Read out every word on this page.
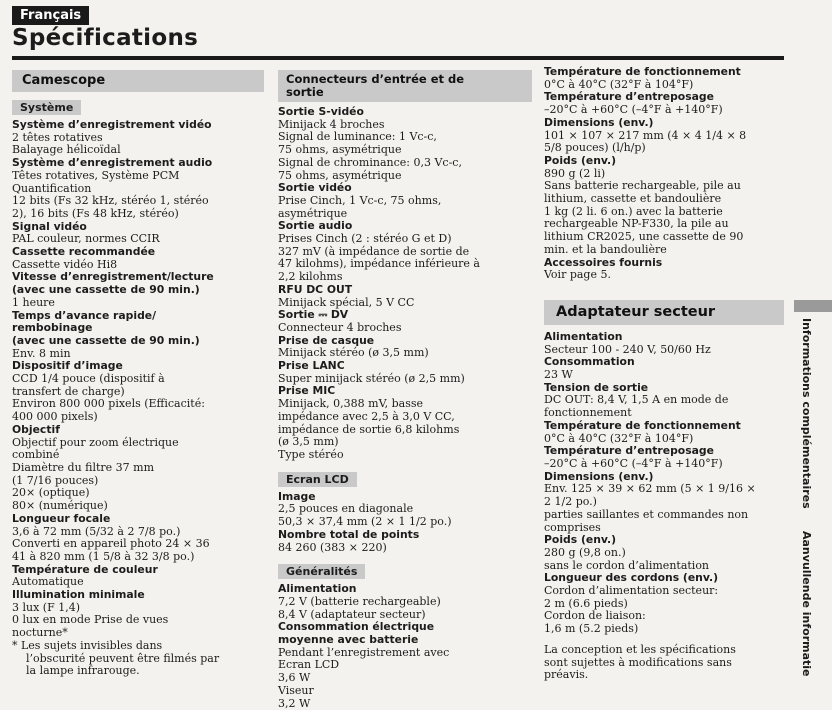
Français
Spécifications
Camescope
Système
Système d’enregistrement vidéo
2 têtes rotatives
Balayage hélicoïdal
Système d’enregistrement audio
Têtes rotatives, Système PCM
Quantification
12 bits (Fs 32 kHz, stéréo 1, stéréo
2), 16 bits (Fs 48 kHz, stéréo)
Signal vidéo
PAL couleur, normes CCIR
Cassette recommandée
Cassette vidéo Hi8
Vitesse d’enregistrement/lecture
(avec une cassette de 90 min.)
1 heure
Temps d’avance rapide/
rembobinage
(avec une cassette de 90 min.)
Env. 8 min
Dispositif d’image
CCD 1/4 pouce (dispositif à
transfert de charge)
Environ 800 000 pixels (Efficacité:
400 000 pixels)
Objectif
Objectif pour zoom électrique
combiné
Diamètre du filtre 37 mm
(1 7/16 pouces)
20× (optique)
80× (numérique)
Longueur focale
3,6 à 72 mm (5/32 à 2 7/8 po.)
Converti en appareil photo 24 × 36
41 à 820 mm (1 5/8 à 32 3/8 po.)
Température de couleur
Automatique
Illumination minimale
3 lux (F 1,4)
0 lux en mode Prise de vues
nocturne*
* Les sujets invisibles dans
l’obscurité peuvent être filmés par
la lampe infrarouge.
Connecteurs d’entrée et de
sortie
Sortie S-vidéo
Minijack 4 broches
Signal de luminance: 1 Vc-c,
75 ohms, asymétrique
Signal de chrominance: 0,3 Vc-c,
75 ohms, asymétrique
Sortie vidéo
Prise Cinch, 1 Vc-c, 75 ohms,
asymétrique
Sortie audio
Prises Cinch (2 : stéréo G et D)
327 mV (à impédance de sortie de
47 kilohms), impédance inférieure à
2,2 kilohms
RFU DC OUT
Minijack spécial, 5 V CC
Sortie ⎓ DV
Connecteur 4 broches
Prise de casque
Minijack stéréo (ø 3,5 mm)
Prise LANC
Super minijack stéréo (ø 2,5 mm)
Prise MIC
Minijack, 0,388 mV, basse
impédance avec 2,5 à 3,0 V CC,
impédance de sortie 6,8 kilohms
(ø 3,5 mm)
Type stéréo
Ecran LCD
Image
2,5 pouces en diagonale
50,3 × 37,4 mm (2 × 1 1/2 po.)
Nombre total de points
84 260 (383 × 220)
Généralités
Alimentation
7,2 V (batterie rechargeable)
8,4 V (adaptateur secteur)
Consommation électrique
moyenne avec batterie
Pendant l’enregistrement avec
Ecran LCD
3,6 W
Viseur
3,2 W
Température de fonctionnement
0°C à 40°C (32°F à 104°F)
Température d’entreposage
–20°C à +60°C (–4°F à +140°F)
Dimensions (env.)
101 × 107 × 217 mm (4 × 4 1/4 × 8
5/8 pouces) (l/h/p)
Poids (env.)
890 g (2 li)
Sans batterie rechargeable, pile au
lithium, cassette et bandoulière
1 kg (2 li. 6 on.) avec la batterie
rechargeable NP-F330, la pile au
lithium CR2025, une cassette de 90
min. et la bandoulière
Accessoires fournis
Voir page 5.
Adaptateur secteur
Alimentation
Secteur 100 - 240 V, 50/60 Hz
Consommation
23 W
Tension de sortie
DC OUT: 8,4 V, 1,5 A en mode de
fonctionnement
Température de fonctionnement
0°C à 40°C (32°F à 104°F)
Température d’entreposage
–20°C à +60°C (–4°F à +140°F)
Dimensions (env.)
Env. 125 × 39 × 62 mm (5 × 1 9/16 ×
2 1/2 po.)
parties saillantes et commandes non
comprises
Poids (env.)
280 g (9,8 on.)
sans le cordon d’alimentation
Longueur des cordons (env.)
Cordon d’alimentation secteur:
2 m (6.6 pieds)
Cordon de liaison:
1,6 m (5.2 pieds)
La conception et les spécifications
sont sujettes à modifications sans
préavis.
Informations complémentairesAanvullende informatie
